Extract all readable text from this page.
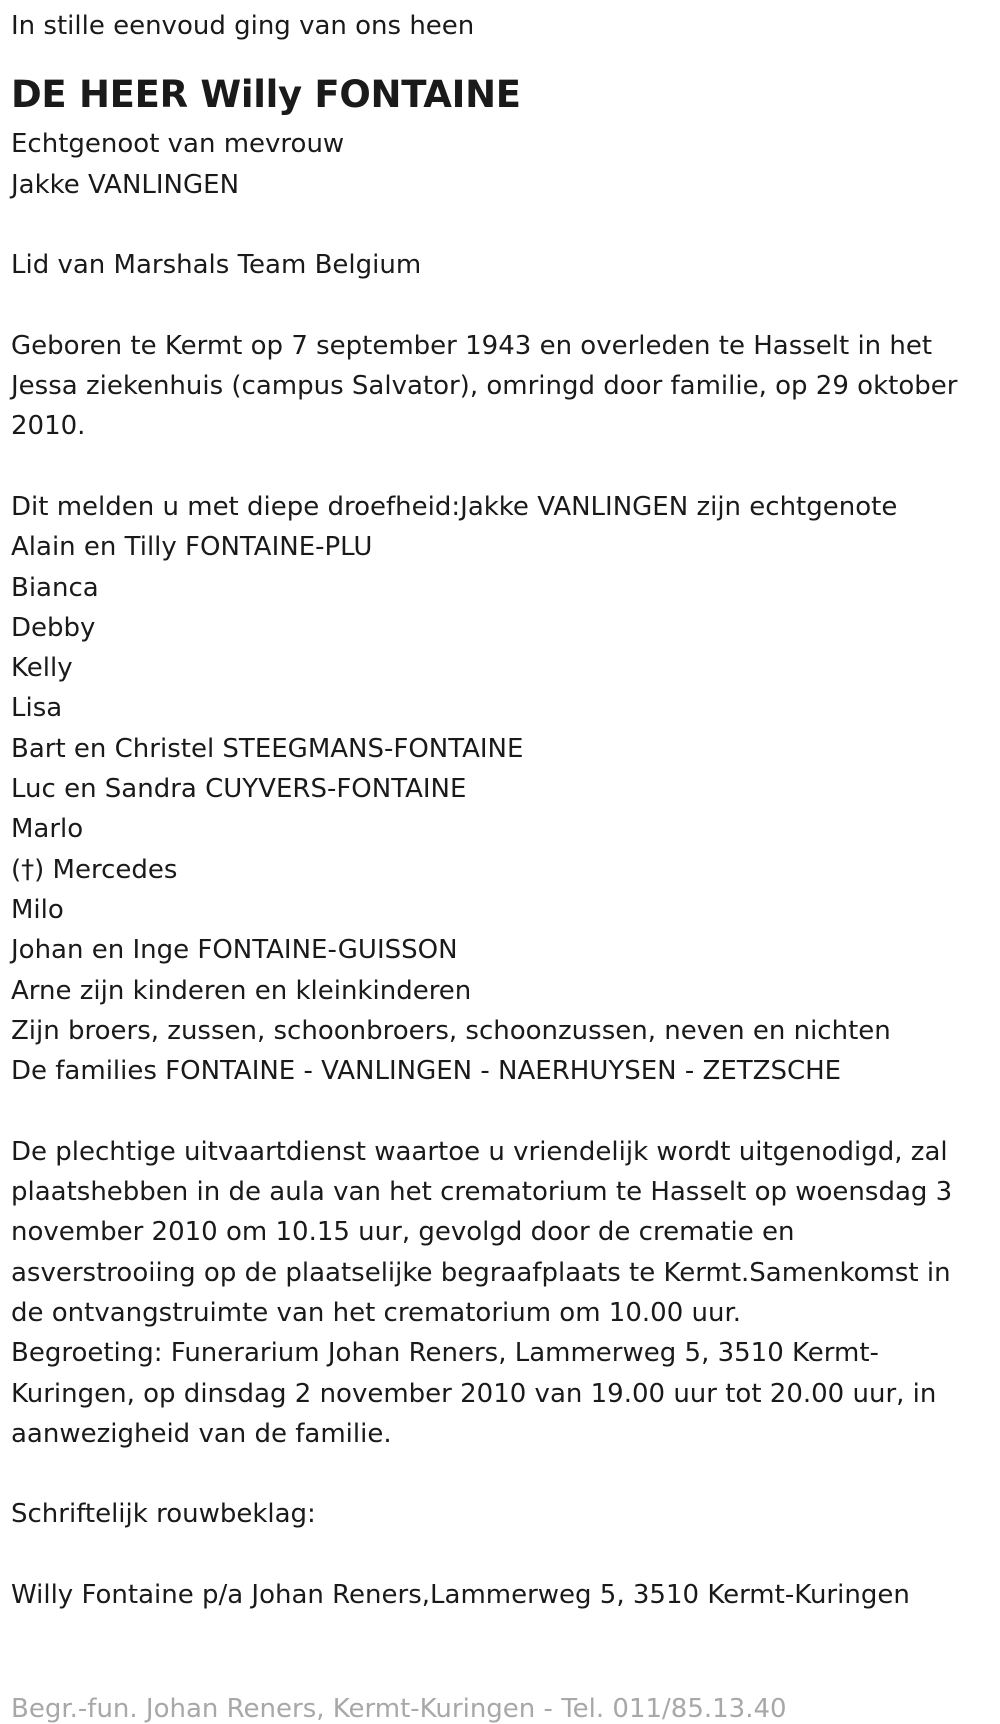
In stille eenvoud ging van ons heen

DE HEER Willy FONTAINE

Echtgenoot van mevrouw

Jakke VANLINGEN

Lid van Marshals Team Belgium

Geboren te Kermt op 7 september 1943 en overleden te Hasselt in het

Jessa ziekenhuis (campus Salvator), omringd door familie, op 29 oktober

2010.

Dit melden u met diepe droefheid:Jakke VANLINGEN zijn echtgenote

Alain en Tilly FONTAINE-PLU

Bianca

Debby

Kelly

Lisa

Bart en Christel STEEGMANS-FONTAINE

Luc en Sandra CUYVERS-FONTAINE

Marlo

(†) Mercedes

Milo

Johan en Inge FONTAINE-GUISSON

Arne zijn kinderen en kleinkinderen

Zijn broers, zussen, schoonbroers, schoonzussen, neven en nichten

De families FONTAINE - VANLINGEN - NAERHUYSEN - ZETZSCHE

De plechtige uitvaartdienst waartoe u vriendelijk wordt uitgenodigd, zal

plaatshebben in de aula van het crematorium te Hasselt op woensdag 3

november 2010 om 10.15 uur, gevolgd door de crematie en

asverstrooiing op de plaatselijke begraafplaats te Kermt.Samenkomst in

de ontvangstruimte van het crematorium om 10.00 uur.

Begroeting: Funerarium Johan Reners, Lammerweg 5, 3510 Kermt-

Kuringen, op dinsdag 2 november 2010 van 19.00 uur tot 20.00 uur, in

aanwezigheid van de familie.

Schriftelijk rouwbeklag:

Willy Fontaine p/a Johan Reners,Lammerweg 5, 3510 Kermt-Kuringen

Begr.-fun. Johan Reners, Kermt-Kuringen - Tel. 011/85.13.40
